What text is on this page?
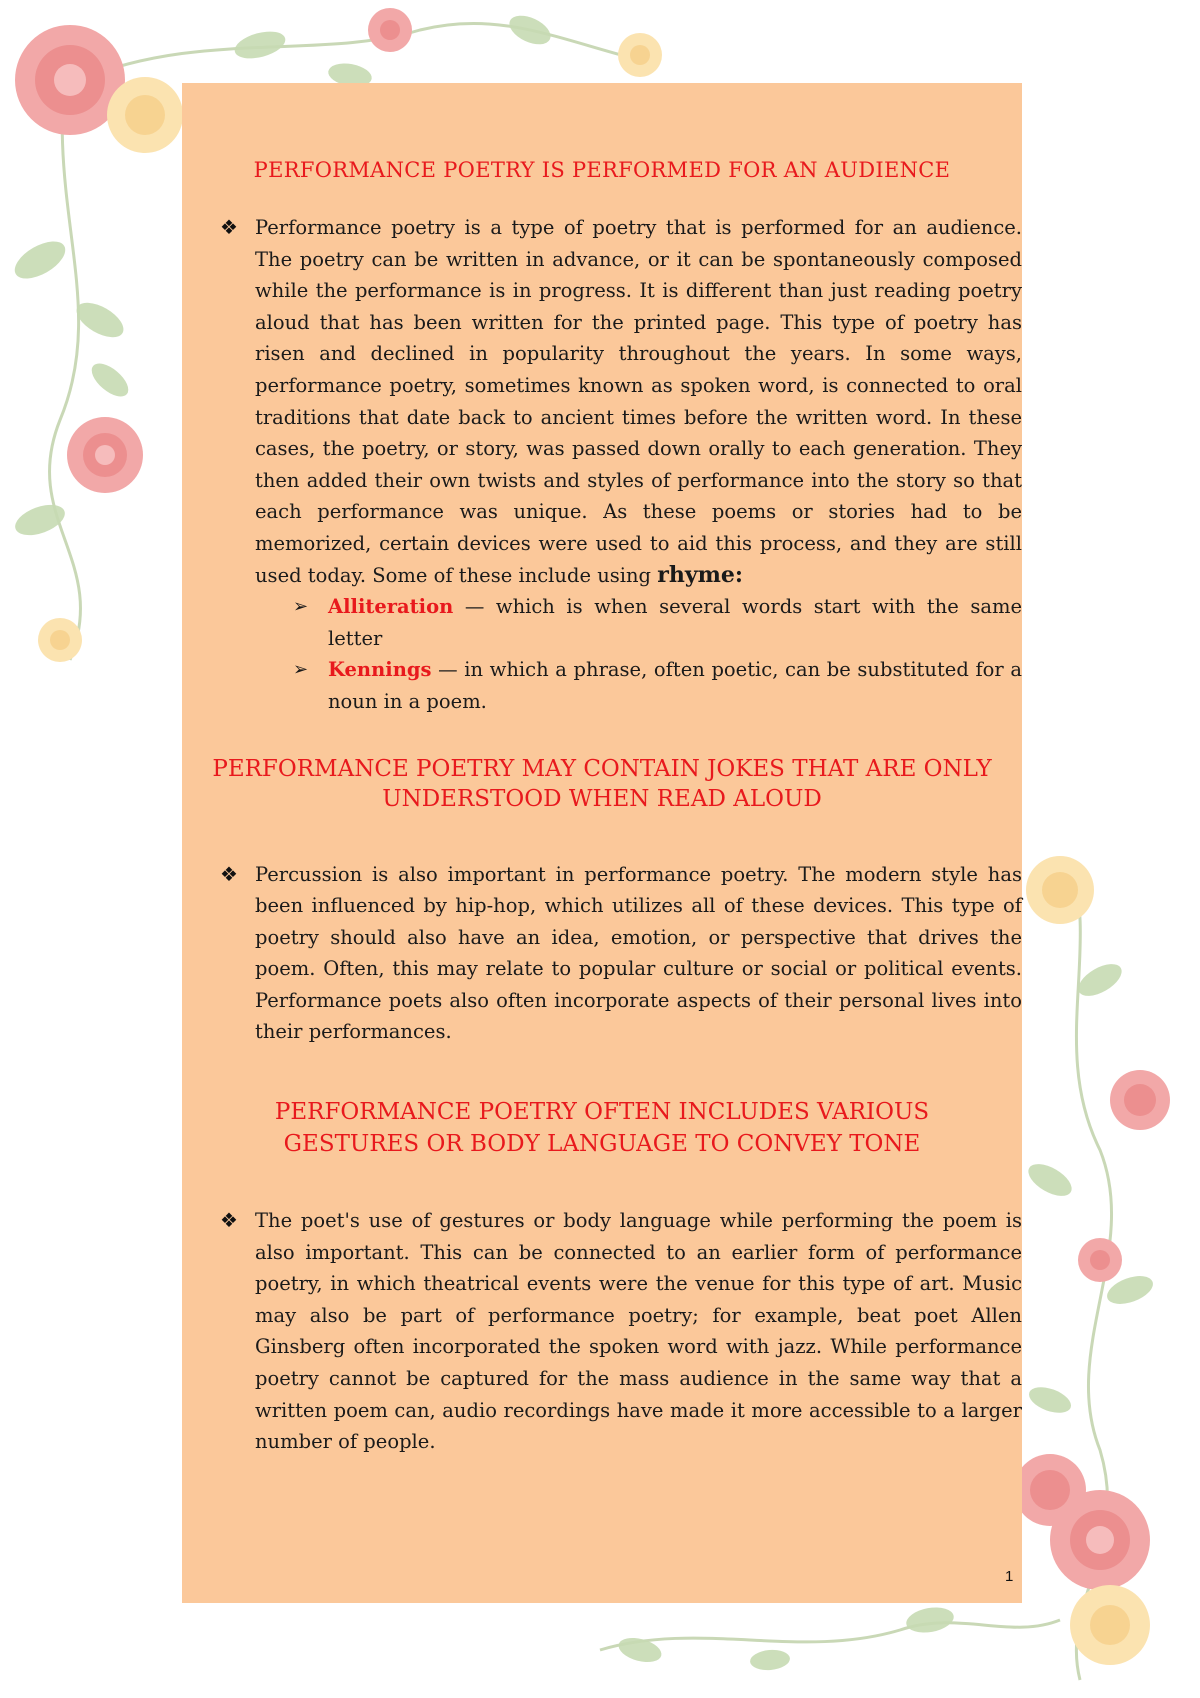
PERFORMANCE POETRY IS PERFORMED FOR AN AUDIENCE
❖ Performance poetry is a type of poetry that is performed for an audience. The poetry can be written in advance, or it can be spontaneously composed while the performance is in progress. It is different than just reading poetry aloud that has been written for the printed page. This type of poetry has risen and declined in popularity throughout the years. In some ways, performance poetry, sometimes known as spoken word, is connected to oral traditions that date back to ancient times before the written word. In these cases, the poetry, or story, was passed down orally to each generation. They then added their own twists and styles of performance into the story so that each performance was unique. As these poems or stories had to be memorized, certain devices were used to aid this process, and they are still used today. Some of these include using rhyme:
➢ Alliteration — which is when several words start with the same letter
➢ Kennings — in which a phrase, often poetic, can be substituted for a noun in a poem.
PERFORMANCE POETRY MAY CONTAIN JOKES THAT ARE ONLY UNDERSTOOD WHEN READ ALOUD
❖ Percussion is also important in performance poetry. The modern style has been influenced by hip-hop, which utilizes all of these devices. This type of poetry should also have an idea, emotion, or perspective that drives the poem. Often, this may relate to popular culture or social or political events. Performance poets also often incorporate aspects of their personal lives into their performances.
PERFORMANCE POETRY OFTEN INCLUDES VARIOUS GESTURES OR BODY LANGUAGE TO CONVEY TONE
❖ The poet's use of gestures or body language while performing the poem is also important. This can be connected to an earlier form of performance poetry, in which theatrical events were the venue for this type of art. Music may also be part of performance poetry; for example, beat poet Allen Ginsberg often incorporated the spoken word with jazz. While performance poetry cannot be captured for the mass audience in the same way that a written poem can, audio recordings have made it more accessible to a larger number of people.
1
